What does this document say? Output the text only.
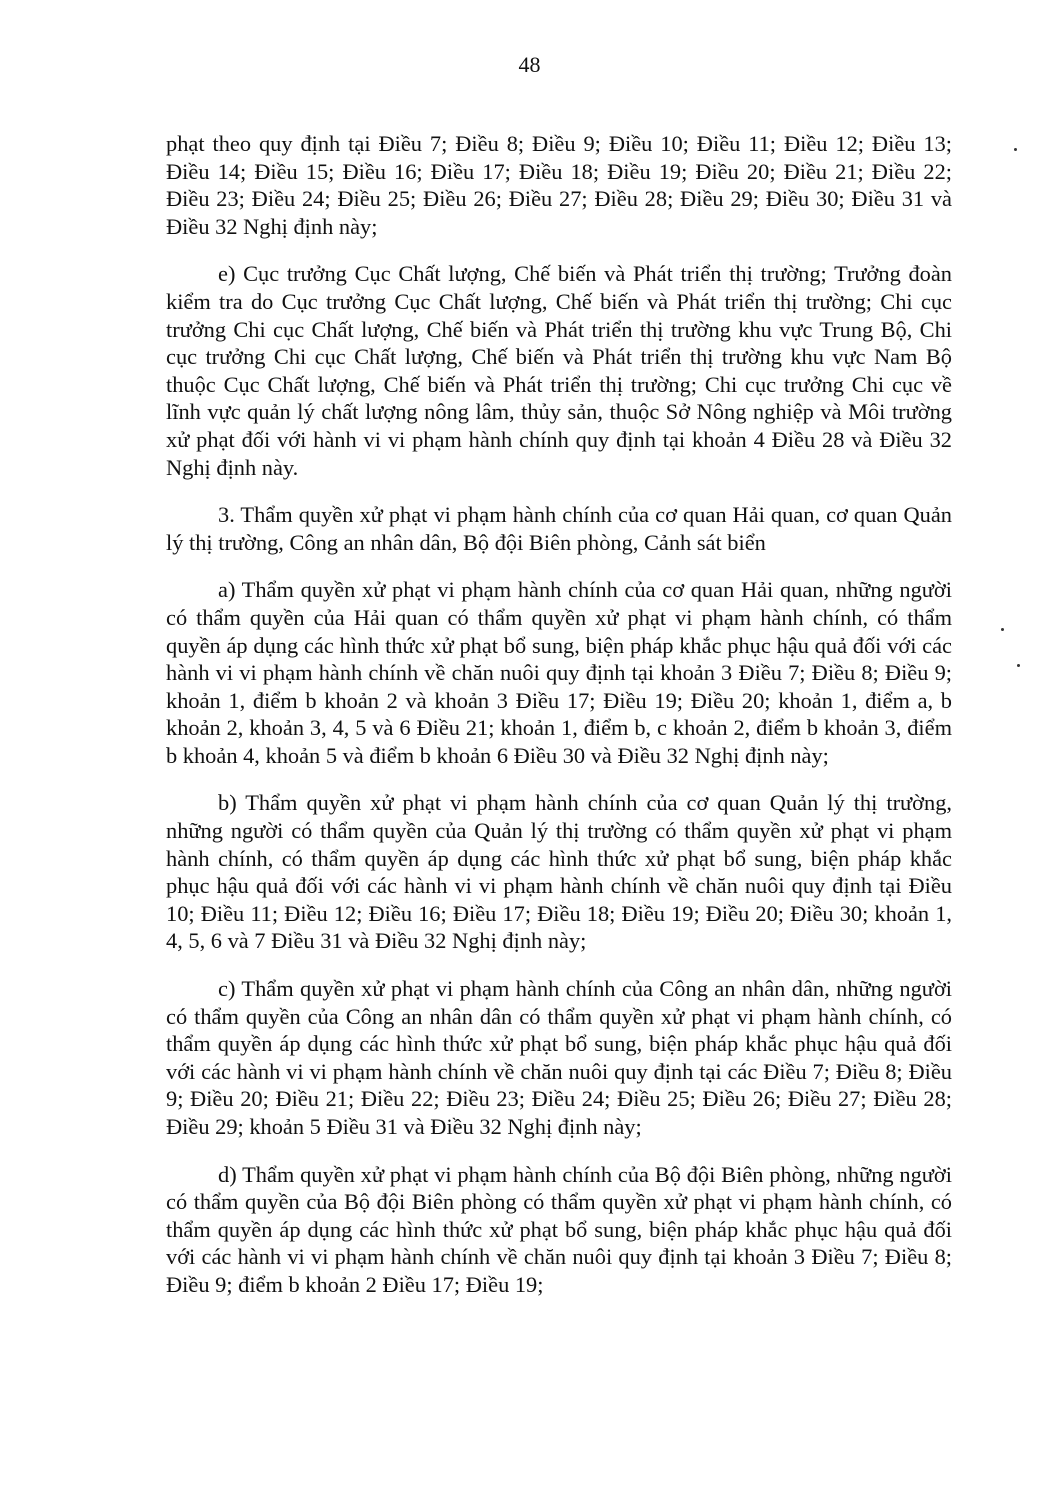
48

phạt theo quy định tại Điều 7; Điều 8; Điều 9; Điều 10; Điều 11; Điều 12; Điều 13; Điều 14; Điều 15; Điều 16; Điều 17; Điều 18; Điều 19; Điều 20; Điều 21; Điều 22; Điều 23; Điều 24; Điều 25; Điều 26; Điều 27; Điều 28; Điều 29; Điều 30; Điều 31 và Điều 32 Nghị định này;

e) Cục trưởng Cục Chất lượng, Chế biến và Phát triển thị trường; Trưởng đoàn kiểm tra do Cục trưởng Cục Chất lượng, Chế biến và Phát triển thị trường; Chi cục trưởng Chi cục Chất lượng, Chế biến và Phát triển thị trường khu vực Trung Bộ, Chi cục trưởng Chi cục Chất lượng, Chế biến và Phát triển thị trường khu vực Nam Bộ thuộc Cục Chất lượng, Chế biến và Phát triển thị trường; Chi cục trưởng Chi cục về lĩnh vực quản lý chất lượng nông lâm, thủy sản, thuộc Sở Nông nghiệp và Môi trường xử phạt đối với hành vi vi phạm hành chính quy định tại khoản 4 Điều 28 và Điều 32 Nghị định này.

3. Thẩm quyền xử phạt vi phạm hành chính của cơ quan Hải quan, cơ quan Quản lý thị trường, Công an nhân dân, Bộ đội Biên phòng, Cảnh sát biển

a) Thẩm quyền xử phạt vi phạm hành chính của cơ quan Hải quan, những người có thẩm quyền của Hải quan có thẩm quyền xử phạt vi phạm hành chính, có thẩm quyền áp dụng các hình thức xử phạt bổ sung, biện pháp khắc phục hậu quả đối với các hành vi vi phạm hành chính về chăn nuôi quy định tại khoản 3 Điều 7; Điều 8; Điều 9; khoản 1, điểm b khoản 2 và khoản 3 Điều 17; Điều 19; Điều 20; khoản 1, điểm a, b khoản 2, khoản 3, 4, 5 và 6 Điều 21; khoản 1, điểm b, c khoản 2, điểm b khoản 3, điểm b khoản 4, khoản 5 và điểm b khoản 6 Điều 30 và Điều 32 Nghị định này;

b) Thẩm quyền xử phạt vi phạm hành chính của cơ quan Quản lý thị trường, những người có thẩm quyền của Quản lý thị trường có thẩm quyền xử phạt vi phạm hành chính, có thẩm quyền áp dụng các hình thức xử phạt bổ sung, biện pháp khắc phục hậu quả đối với các hành vi vi phạm hành chính về chăn nuôi quy định tại Điều 10; Điều 11; Điều 12; Điều 16; Điều 17; Điều 18; Điều 19; Điều 20; Điều 30; khoản 1, 4, 5, 6 và 7 Điều 31 và Điều 32 Nghị định này;

c) Thẩm quyền xử phạt vi phạm hành chính của Công an nhân dân, những người có thẩm quyền của Công an nhân dân có thẩm quyền xử phạt vi phạm hành chính, có thẩm quyền áp dụng các hình thức xử phạt bổ sung, biện pháp khắc phục hậu quả đối với các hành vi vi phạm hành chính về chăn nuôi quy định tại các Điều 7; Điều 8; Điều 9; Điều 20; Điều 21; Điều 22; Điều 23; Điều 24; Điều 25; Điều 26; Điều 27; Điều 28; Điều 29; khoản 5 Điều 31 và Điều 32 Nghị định này;

d) Thẩm quyền xử phạt vi phạm hành chính của Bộ đội Biên phòng, những người có thẩm quyền của Bộ đội Biên phòng có thẩm quyền xử phạt vi phạm hành chính, có thẩm quyền áp dụng các hình thức xử phạt bổ sung, biện pháp khắc phục hậu quả đối với các hành vi vi phạm hành chính về chăn nuôi quy định tại khoản 3 Điều 7; Điều 8; Điều 9; điểm b khoản 2 Điều 17; Điều 19;
